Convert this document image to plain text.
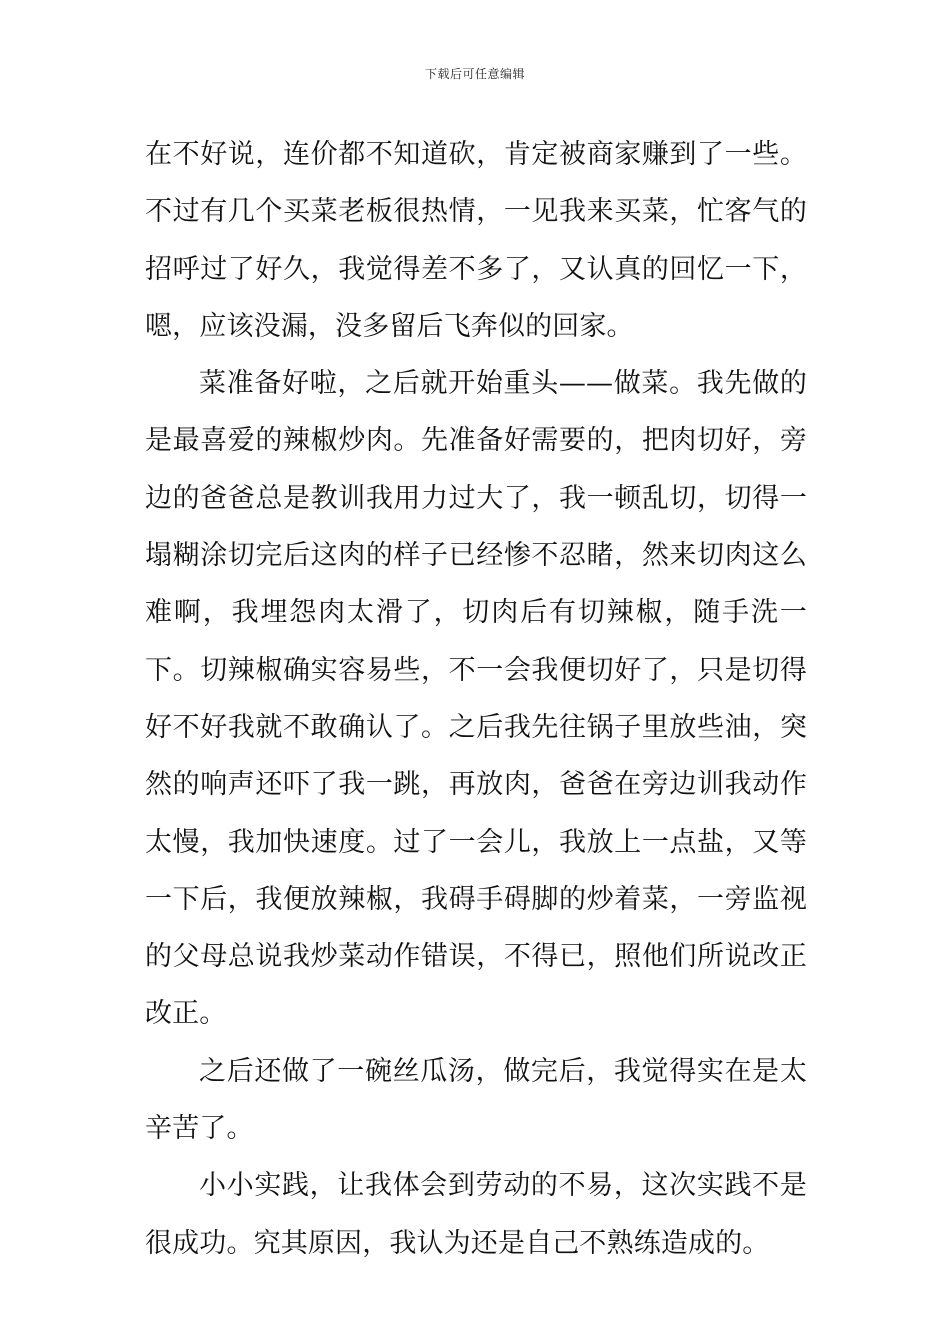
下载后可任意编辑

在不好说，连价都不知道砍，肯定被商家赚到了一些。不过有几个买菜老板很热情，一见我来买菜，忙客气的招呼过了好久，我觉得差不多了，又认真的回忆一下，嗯，应该没漏，没多留后飞奔似的回家。

菜准备好啦，之后就开始重头——做菜。我先做的是最喜爱的辣椒炒肉。先准备好需要的，把肉切好，旁边的爸爸总是教训我用力过大了，我一顿乱切，切得一塌糊涂切完后这肉的样子已经惨不忍睹，然来切肉这么难啊，我埋怨肉太滑了，切肉后有切辣椒，随手洗一下。切辣椒确实容易些，不一会我便切好了，只是切得好不好我就不敢确认了。之后我先往锅子里放些油，突然的响声还吓了我一跳，再放肉，爸爸在旁边训我动作太慢，我加快速度。过了一会儿，我放上一点盐，又等一下后，我便放辣椒，我碍手碍脚的炒着菜，一旁监视的父母总说我炒菜动作错误，不得已，照他们所说改正改正。

之后还做了一碗丝瓜汤，做完后，我觉得实在是太辛苦了。

小小实践，让我体会到劳动的不易，这次实践不是很成功。究其原因，我认为还是自己不熟练造成的。
